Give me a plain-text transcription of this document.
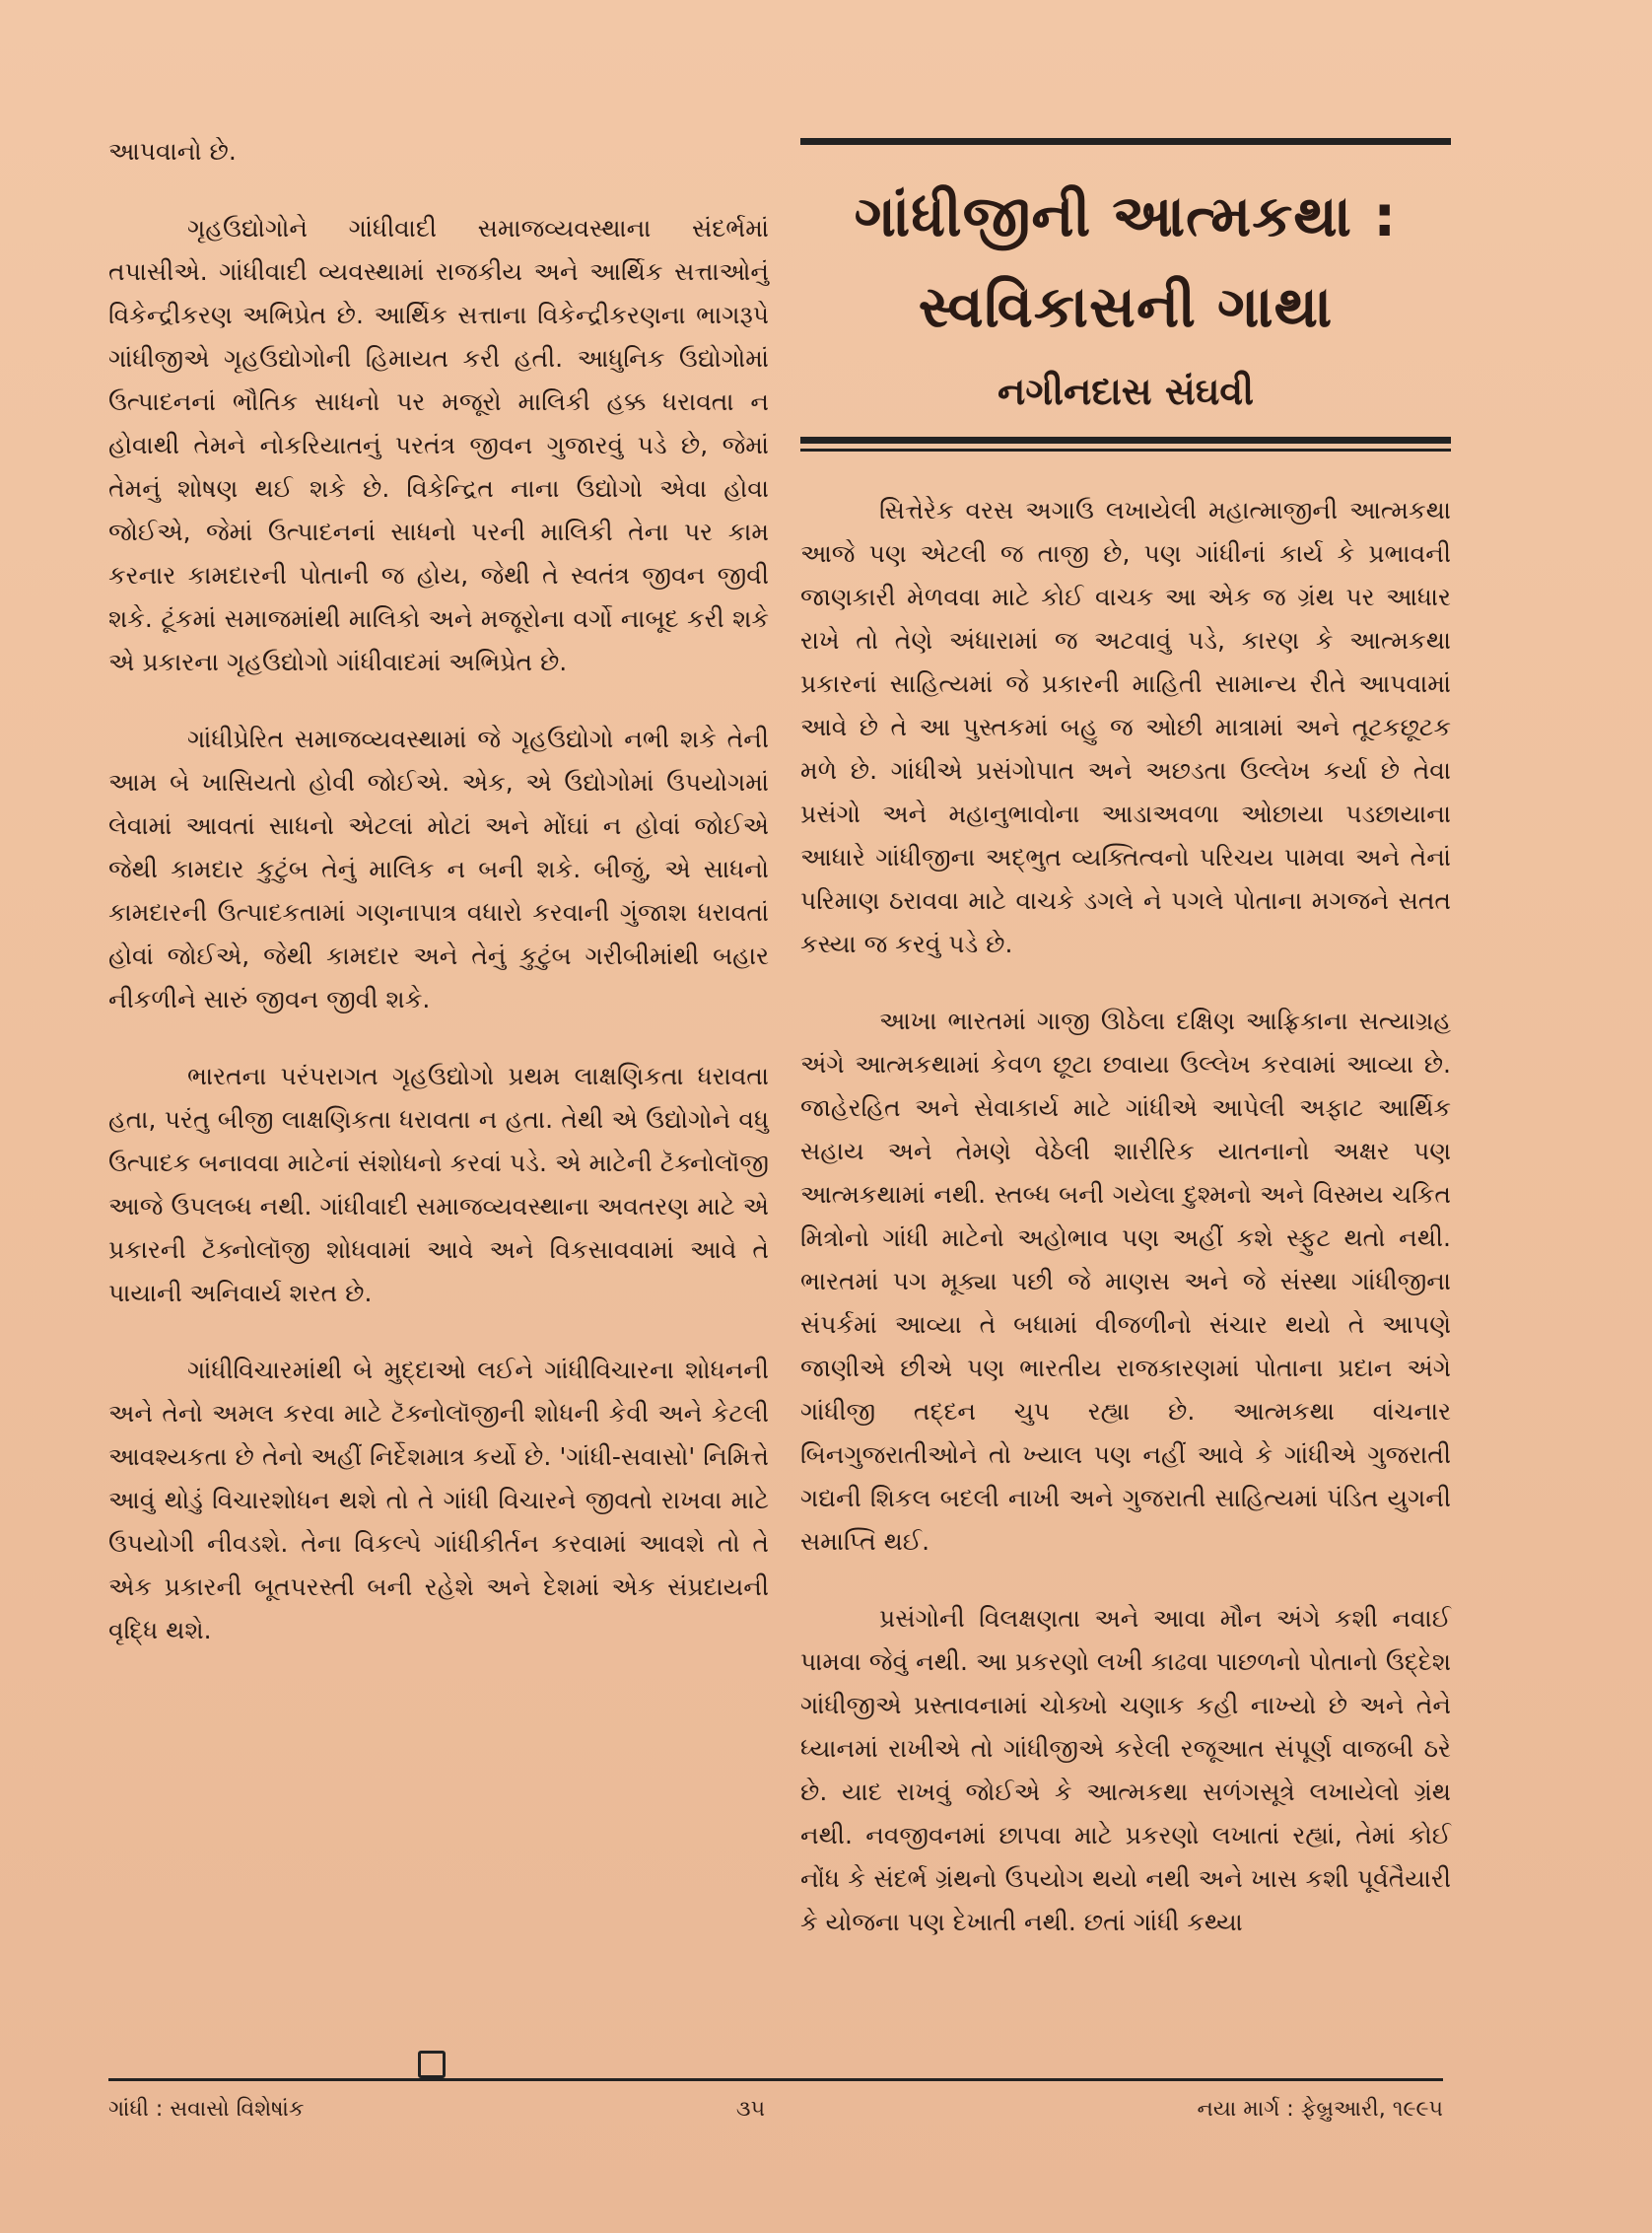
આપવાનો છે.

ગૃહઉદ્યોગોને ગાંધીવાદી સમાજવ્યવસ્થાના સંદર્ભમાં તપાસીએ. ગાંધીવાદી વ્યવસ્થામાં રાજકીય અને આર્થિક સત્તાઓનું વિકેન્દ્રીકરણ અભિપ્રેત છે. આર્થિક સત્તાના વિકેન્દ્રીકરણના ભાગરૂપે ગાંધીજીએ ગૃહઉદ્યોગોની હિમાયત કરી હતી. આધુનિક ઉદ્યોગોમાં ઉત્પાદનનાં ભૌતિક સાધનો પર મજૂરો માલિકી હક્ક ધરાવતા ન હોવાથી તેમને નોકરિયાતનું પરતંત્ર જીવન ગુજારવું પડે છે, જેમાં તેમનું શોષણ થઈ શકે છે. વિકેન્દ્રિત નાના ઉદ્યોગો એવા હોવા જોઈએ, જેમાં ઉત્પાદનનાં સાધનો પરની માલિકી તેના પર કામ કરનાર કામદારની પોતાની જ હોય, જેથી તે સ્વતંત્ર જીવન જીવી શકે. ટૂંકમાં સમાજમાંથી માલિકો અને મજૂરોના વર્ગો નાબૂદ કરી શકે એ પ્રકારના ગૃહઉદ્યોગો ગાંધીવાદમાં અભિપ્રેત છે.

ગાંધીપ્રેરિત સમાજવ્યવસ્થામાં જે ગૃહઉદ્યોગો નભી શકે તેની આમ બે ખાસિયતો હોવી જોઈએ. એક, એ ઉદ્યોગોમાં ઉપયોગમાં લેવામાં આવતાં સાધનો એટલાં મોટાં અને મોંઘાં ન હોવાં જોઈએ જેથી કામદાર કુટુંબ તેનું માલિક ન બની શકે. બીજું, એ સાધનો કામદારની ઉત્પાદકતામાં ગણનાપાત્ર વધારો કરવાની ગુંજાશ ધરાવતાં હોવાં જોઈએ, જેથી કામદાર અને તેનું કુટુંબ ગરીબીમાંથી બહાર નીકળીને સારું જીવન જીવી શકે.

ભારતના પરંપરાગત ગૃહઉદ્યોગો પ્રથમ લાક્ષણિકતા ધરાવતા હતા, પરંતુ બીજી લાક્ષણિકતા ધરાવતા ન હતા. તેથી એ ઉદ્યોગોને વધુ ઉત્પાદક બનાવવા માટેનાં સંશોધનો કરવાં પડે. એ માટેની ટૅક્નોલૉજી આજે ઉપલબ્ધ નથી. ગાંધીવાદી સમાજવ્યવસ્થાના અવતરણ માટે એ પ્રકારની ટૅક્નોલૉજી શોધવામાં આવે અને વિકસાવવામાં આવે તે પાયાની અનિવાર્ય શરત છે.

ગાંધીવિચારમાંથી બે મુદ્દાઓ લઈને ગાંધીવિચારના શોધનની અને તેનો અમલ કરવા માટે ટૅક્નોલૉજીની શોધની કેવી અને કેટલી આવશ્યકતા છે તેનો અહીં નિર્દેશમાત્ર કર્યો છે. 'ગાંધી-સવાસો' નિમિત્તે આવું થોડું વિચારશોધન થશે તો તે ગાંધી વિચારને જીવતો રાખવા માટે ઉપયોગી નીવડશે. તેના વિકલ્પે ગાંધીકીર્તન કરવામાં આવશે તો તે એક પ્રકારની બૂતપરસ્તી બની રહેશે અને દેશમાં એક સંપ્રદાયની વૃદ્ધિ થશે.

ગાંધીજીની આત્મકથા :
સ્વવિકાસની ગાથા
નગીનદાસ સંઘવી

સિત્તેરેક વરસ અગાઉ લખાયેલી મહાત્માજીની આત્મકથા આજે પણ એટલી જ તાજી છે, પણ ગાંધીનાં કાર્ય કે પ્રભાવની જાણકારી મેળવવા માટે કોઈ વાચક આ એક જ ગ્રંથ પર આધાર રાખે તો તેણે અંધારામાં જ અટવાવું પડે, કારણ કે આત્મકથા પ્રકારનાં સાહિત્યમાં જે પ્રકારની માહિતી સામાન્ય રીતે આપવામાં આવે છે તે આ પુસ્તકમાં બહુ જ ઓછી માત્રામાં અને તૂટકછૂટક મળે છે. ગાંધીએ પ્રસંગોપાત અને અછડતા ઉલ્લેખ કર્યા છે તેવા પ્રસંગો અને મહાનુભાવોના આડાઅવળા ઓછાયા પડછાયાના આધારે ગાંધીજીના અદ્ભુત વ્યક્તિત્વનો પરિચય પામવા અને તેનાં પરિમાણ ઠરાવવા માટે વાચકે ડગલે ને પગલે પોતાના મગજને સતત કસ્યા જ કરવું પડે છે.

આખા ભારતમાં ગાજી ઊઠેલા દક્ષિણ આફ્રિકાના સત્યાગ્રહ અંગે આત્મકથામાં કેવળ છૂટા છવાયા ઉલ્લેખ કરવામાં આવ્યા છે. જાહેરહિત અને સેવાકાર્ય માટે ગાંધીએ આપેલી અફાટ આર્થિક સહાય અને તેમણે વેઠેલી શારીરિક યાતનાનો અક્ષર પણ આત્મકથામાં નથી. સ્તબ્ધ બની ગયેલા દુશ્મનો અને વિસ્મય ચકિત મિત્રોનો ગાંધી માટેનો અહોભાવ પણ અહીં કશે સ્ફુટ થતો નથી. ભારતમાં પગ મૂક્યા પછી જે માણસ અને જે સંસ્થા ગાંધીજીના સંપર્કમાં આવ્યા તે બધામાં વીજળીનો સંચાર થયો તે આપણે જાણીએ છીએ પણ ભારતીય રાજકારણમાં પોતાના પ્રદાન અંગે ગાંધીજી તદ્દન ચુપ રહ્યા છે. આત્મકથા વાંચનાર બિનગુજરાતીઓને તો ખ્યાલ પણ નહીં આવે કે ગાંધીએ ગુજરાતી ગદ્યની શિકલ બદલી નાખી અને ગુજરાતી સાહિત્યમાં પંડિત યુગની સમાપ્તિ થઈ.

પ્રસંગોની વિલક્ષણતા અને આવા મૌન અંગે કશી નવાઈ પામવા જેવું નથી. આ પ્રકરણો લખી કાઢવા પાછળનો પોતાનો ઉદ્દેશ ગાંધીજીએ પ્રસ્તાવનામાં ચોક્ખો ચણાક કહી નાખ્યો છે અને તેને ધ્યાનમાં રાખીએ તો ગાંધીજીએ કરેલી રજૂઆત સંપૂર્ણ વાજબી ઠરે છે. યાદ રાખવું જોઈએ કે આત્મકથા સળંગસૂત્રે લખાયેલો ગ્રંથ નથી. નવજીવનમાં છાપવા માટે પ્રકરણો લખાતાં રહ્યાં, તેમાં કોઈ નોંધ કે સંદર્ભ ગ્રંથનો ઉપયોગ થયો નથી અને ખાસ કશી પૂર્વતૈયારી કે યોજના પણ દેખાતી નથી. છતાં ગાંધી કથ્યા

ગાંધી : સવાસો વિશેષાંક	૩૫	નયા માર્ગ : ફેબ્રુઆરી, ૧૯૯૫
